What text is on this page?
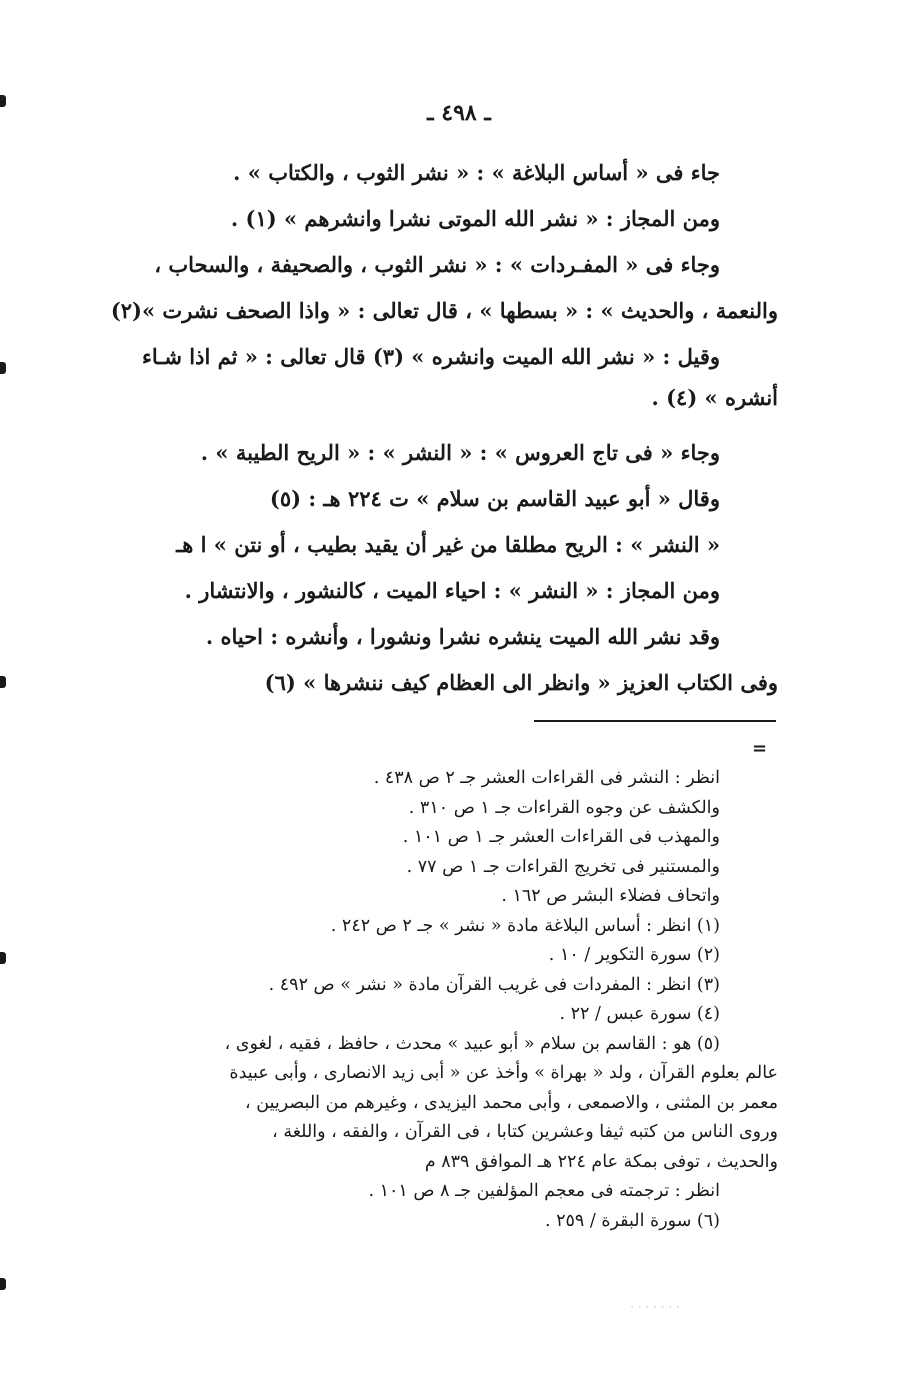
ـ ٤٩٨ ـ
جاء فى « أساس البلاغة » : « نشر الثوب ، والكتاب » .
ومن المجاز : « نشر الله الموتى نشرا وانشرهم » (١) .
وجاء فى « المفـردات » : « نشر الثوب ، والصحيفة ، والسحاب ،
والنعمة ، والحديث » : « بسطها » ، قال تعالى : « واذا الصحف نشرت »(٢)
وقيل : « نشر الله الميت وانشره » (٣) قال تعالى : « ثم اذا شـاء
أنشره » (٤) .
وجاء « فى تاج العروس » : « النشر » : « الريح الطيبة » .
وقال « أبو عبيد القاسم بن سلام » ت ٢٢٤ هـ : (٥)
« النشر » : الريح مطلقا من غير أن يقيد بطيب ، أو نتن » ا هـ
ومن المجاز : « النشر » : احياء الميت ، كالنشور ، والانتشار .
وقد نشر الله الميت ينشره نشرا ونشورا ، وأنشره : احياه .
وفى الكتاب العزيز « وانظر الى العظام كيف ننشرها » (٦)
=
انظر : النشر فى القراءات العشر جـ ٢ ص ٤٣٨ .
والكشف عن وجوه القراءات جـ ١ ص ٣١٠ .
والمهذب فى القراءات العشر جـ ١ ص ١٠١ .
والمستنير فى تخريج القراءات جـ ١ ص ٧٧ .
واتحاف فضلاء البشر ص ١٦٢ .
(١) انظر : أساس البلاغة مادة « نشر » جـ ٢ ص ٢٤٢ .
(٢) سورة التكوير / ١٠ .
(٣) انظر : المفردات فى غريب القرآن مادة « نشر » ص ٤٩٢ .
(٤) سورة عبس / ٢٢ .
(٥) هو : القاسم بن سلام « أبو عبيد » محدث ، حافظ ، فقيه ، لغوى ،
عالم بعلوم القرآن ، ولد « بهراة » وأخذ عن « أبى زيد الانصارى ، وأبى عبيدة
معمر بن المثنى ، والاصمعى ، وأبى محمد اليزيدى ، وغيرهم من البصريين ،
وروى الناس من كتبه ثيفا وعشرين كتابا ، فى القرآن ، والفقه ، واللغة ،
والحديث ، توفى بمكة عام ٢٢٤ هـ الموافق ٨٣٩ م
انظر : ترجمته فى معجم المؤلفين جـ ٨ ص ١٠١ .
(٦) سورة البقرة / ٢٥٩ .
· · · · · · ·
